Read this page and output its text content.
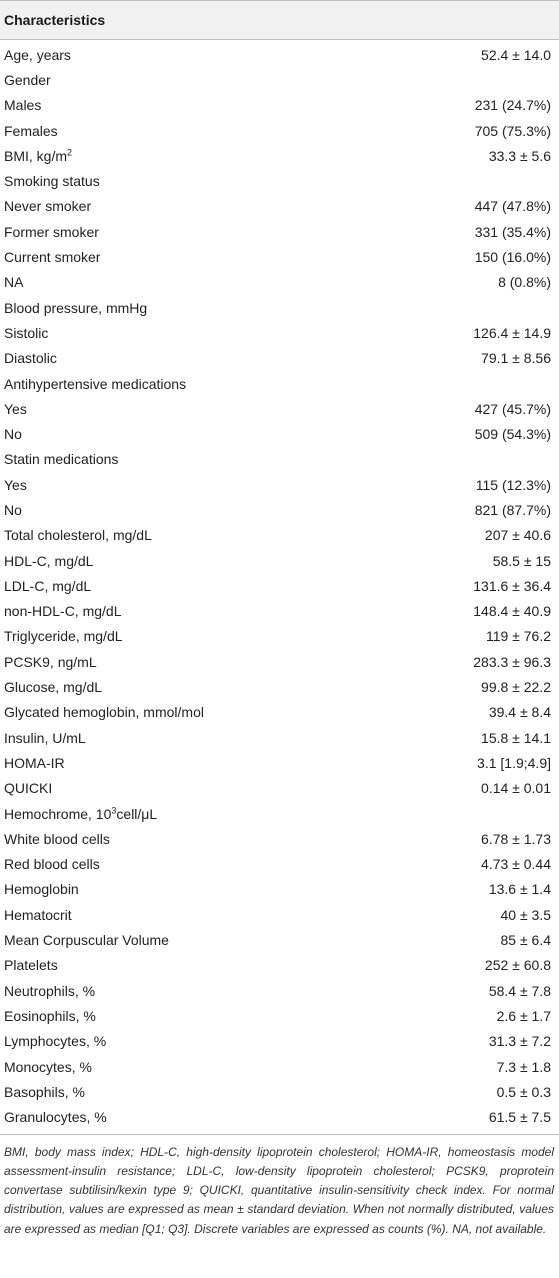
Characteristics
Age, years	52.4 ± 14.0
Gender
Males	231 (24.7%)
Females	705 (75.3%)
BMI, $kg/m^2$	33.3 ± 5.6
Smoking status
Never smoker	447 (47.8%)
Former smoker	331 (35.4%)
Current smoker	150 (16.0%)
NA	8 (0.8%)
Blood pressure, mmHg
Sistolic	126.4 ± 14.9
Diastolic	79.1 ± 8.56
Antihypertensive medications
Yes	427 (45.7%)
No	509 (54.3%)
Statin medications
Yes	115 (12.3%)
No	821 (87.7%)
Total cholesterol, mg/dL	207 ± 40.6
HDL-C, mg/dL	58.5 ± 15
LDL-C, mg/dL	131.6 ± 36.4
non-HDL-C, mg/dL	148.4 ± 40.9
Triglyceride, mg/dL	119 ± 76.2
PCSK9, ng/mL	283.3 ± 96.3
Glucose, mg/dL	99.8 ± 22.2
Glycated hemoglobin, mmol/mol	39.4 ± 8.4
Insulin, U/mL	15.8 ± 14.1
HOMA-IR	3.1 [1.9;4.9]
QUICKI	0.14 ± 0.01
Hemochrome, $10^3cell/\mu L$
White blood cells	6.78 ± 1.73
Red blood cells	4.73 ± 0.44
Hemoglobin	13.6 ± 1.4
Hematocrit	40 ± 3.5
Mean Corpuscular Volume	85 ± 6.4
Platelets	252 ± 60.8
Neutrophils, %	58.4 ± 7.8
Eosinophils, %	2.6 ± 1.7
Lymphocytes, %	31.3 ± 7.2
Monocytes, %	7.3 ± 1.8
Basophils, %	0.5 ± 0.3
Granulocytes, %	61.5 ± 7.5
BMI, body mass index; HDL-C, high-density lipoprotein cholesterol; HOMA-IR, homeostasis model assessment-insulin resistance; LDL-C, low-density lipoprotein cholesterol; PCSK9, proprotein convertase subtilisin/kexin type 9; QUICKI, quantitative insulin-sensitivity check index. For normal distribution, values are expressed as mean ± standard deviation. When not normally distributed, values are expressed as median [Q1; Q3]. Discrete variables are expressed as counts (%). NA, not available.
